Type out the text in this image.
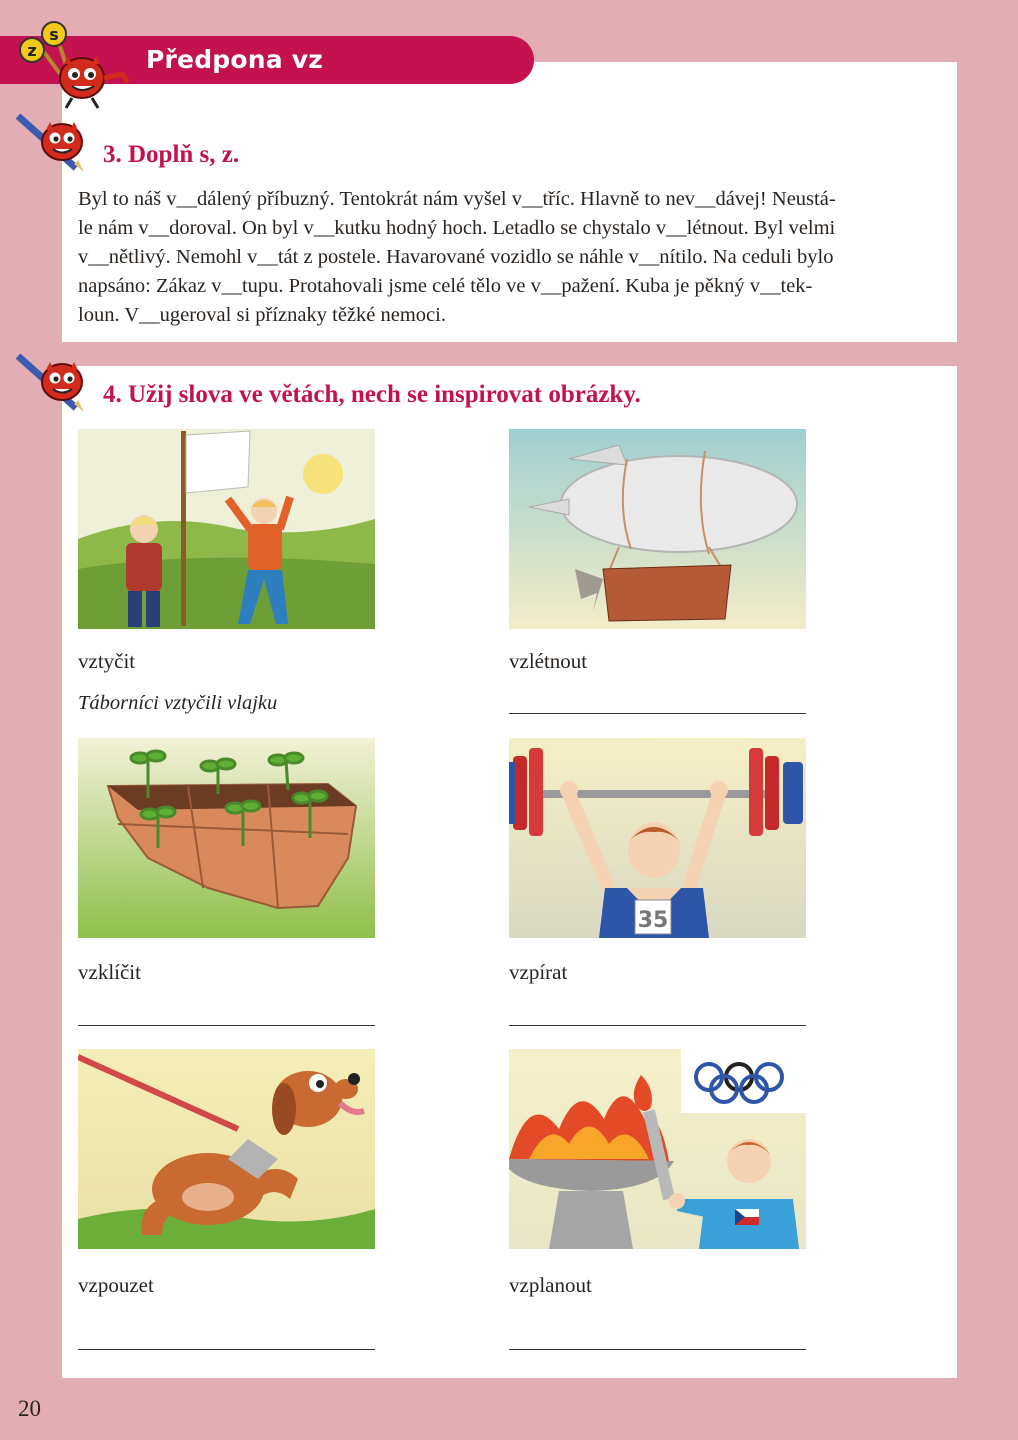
Předpona vz
z
s
3. Doplň s, z.

Byl to náš v__dálený příbuzný. Tentokrát nám vyšel v__tříc. Hlavně to nev__dávej! Neustá-

le nám v__doroval. On byl v__kutku hodný hoch. Letadlo se chystalo v__létnout. Byl velmi

v__nětlivý. Nemohl v__tát z postele. Havarované vozidlo se náhle v__nítilo. Na ceduli bylo

napsáno: Zákaz v__tupu. Protahovali jsme celé tělo ve v__pažení. Kuba je pěkný v__tek-

loun. V__ugeroval si příznaky těžké nemoci.

4. Užij slova ve větách, nech se inspirovat obrázky.
vztyčit
Táborníci vztyčili vlajku
vzlétnout
vzklíčit
35
vzpírat
vzpouzet	vzplanout
20
